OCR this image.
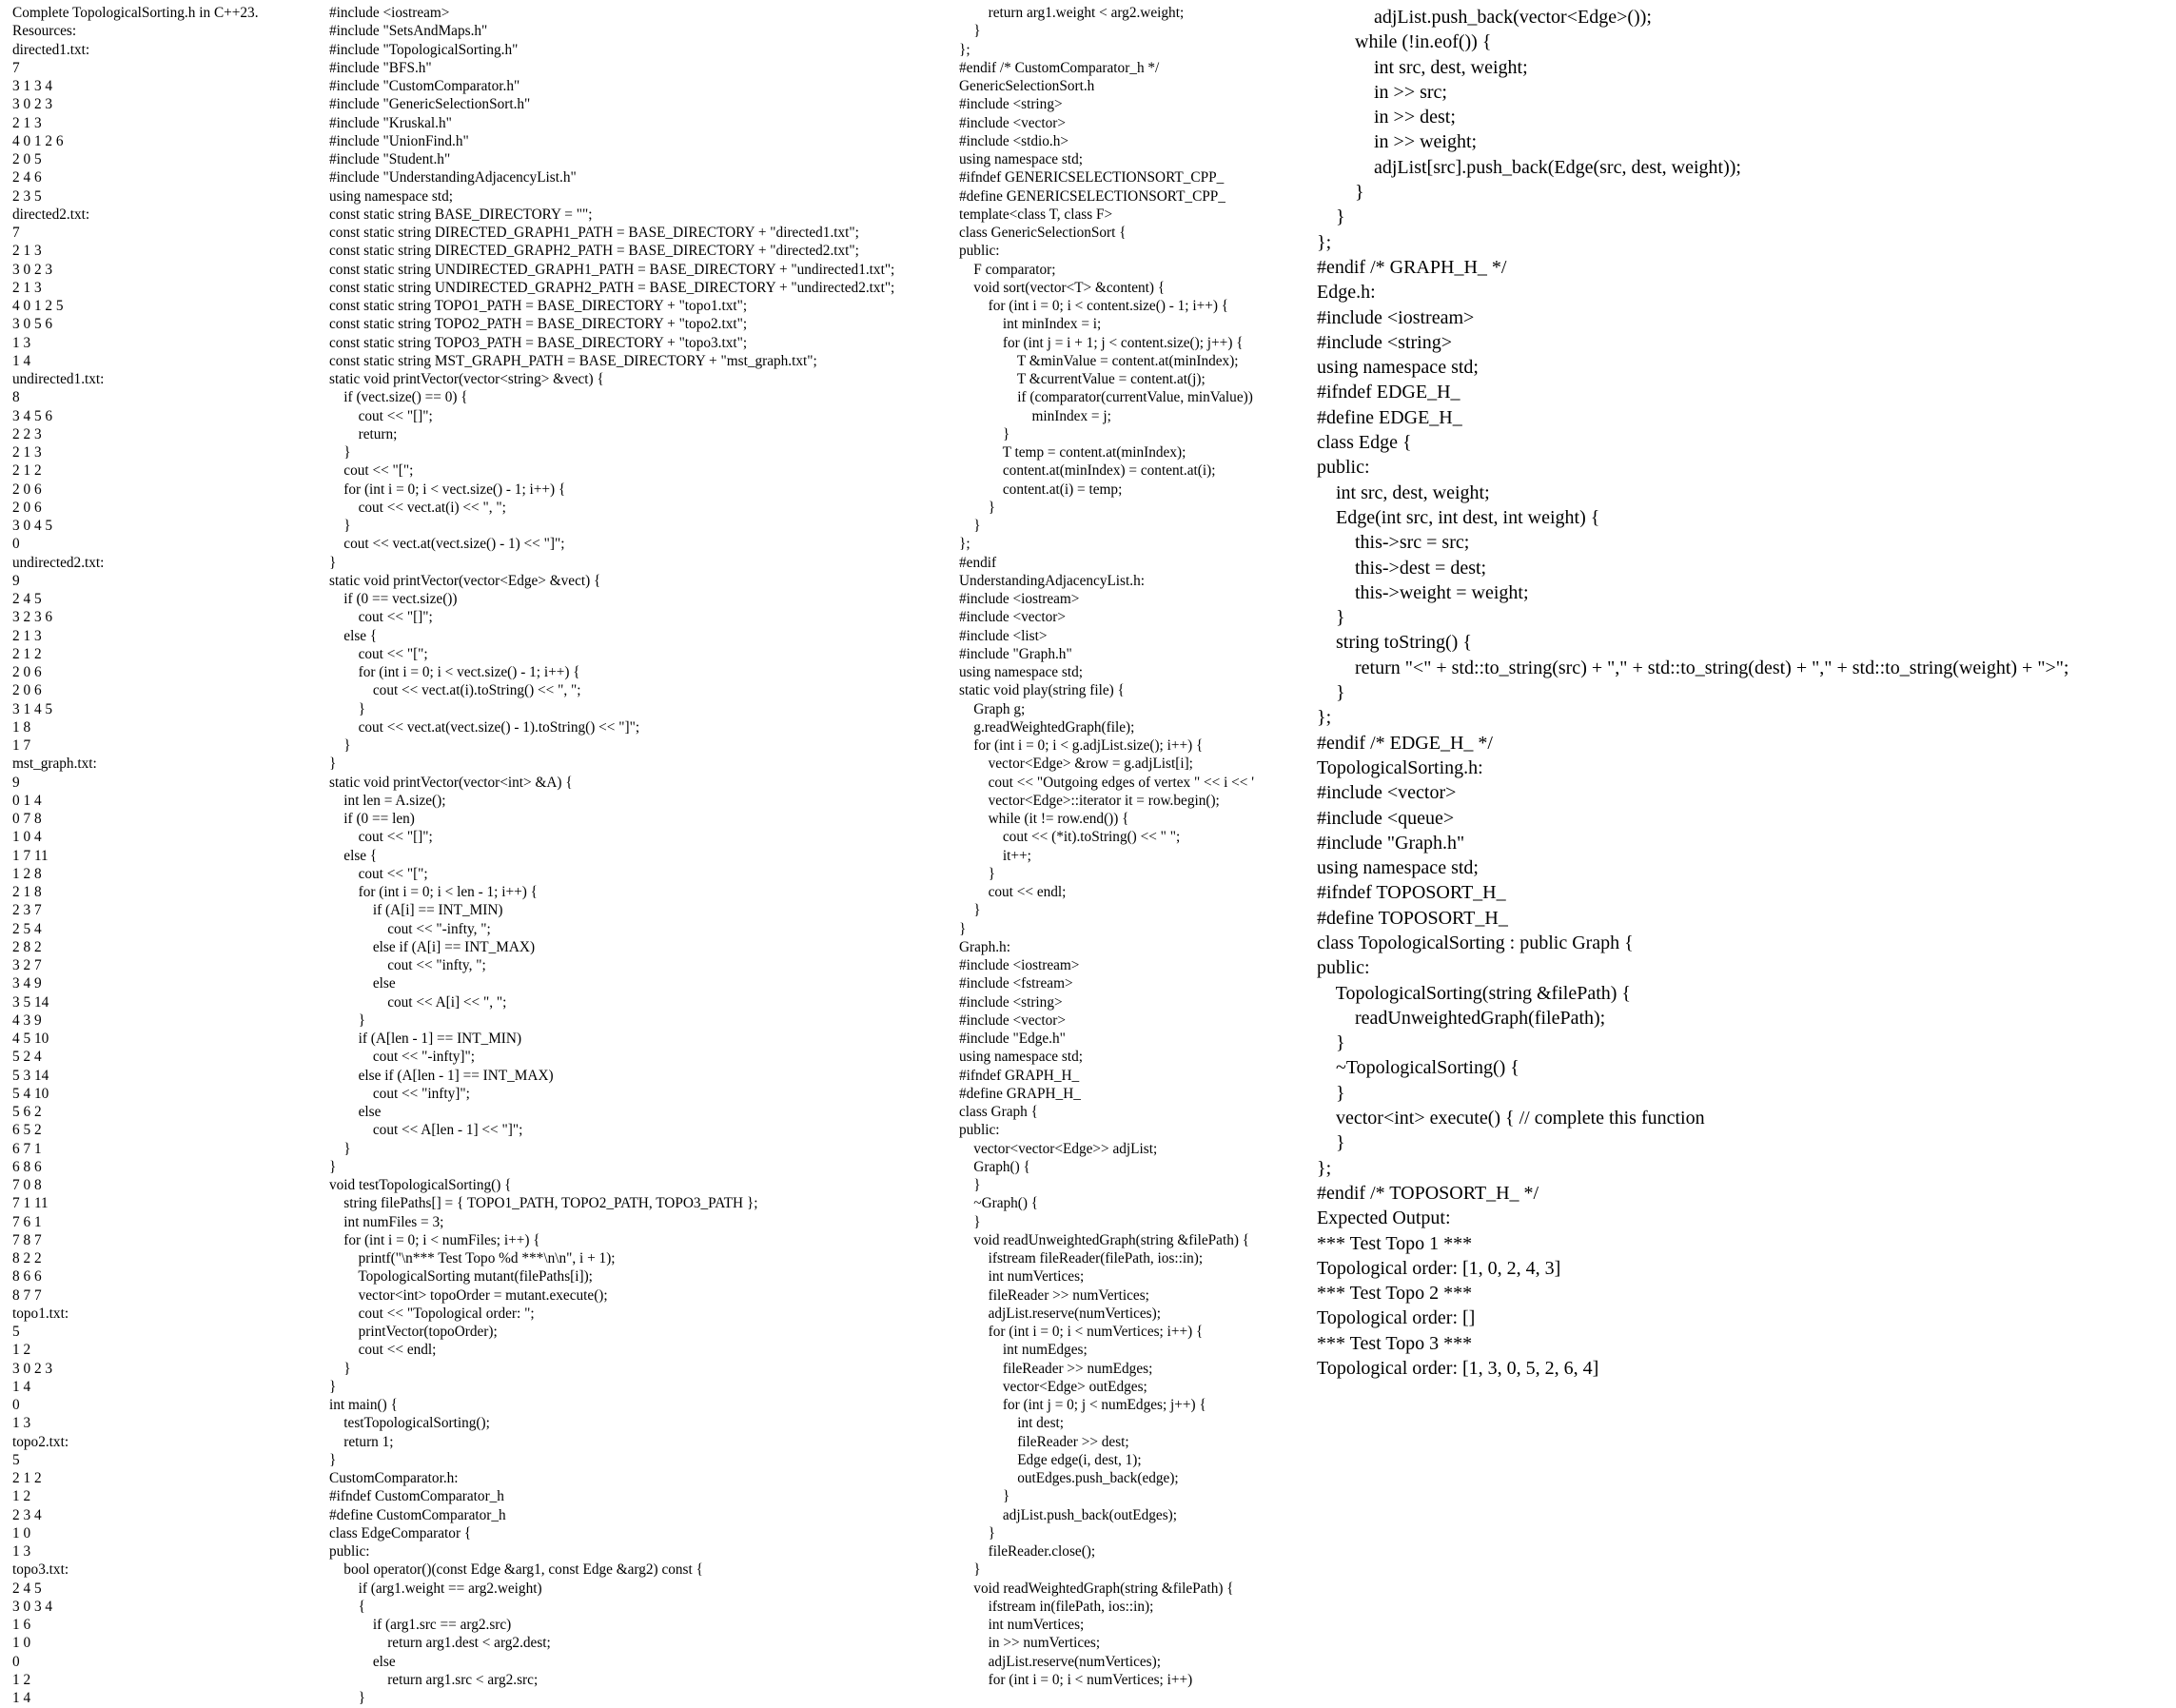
Complete TopologicalSorting.h in C++23.
Resources:
directed1.txt:
7
3 1 3 4
3 0 2 3
2 1 3
4 0 1 2 6
2 0 5
2 4 6
2 3 5
directed2.txt:
7
2 1 3
3 0 2 3
2 1 3
4 0 1 2 5
3 0 5 6
1 3
1 4
undirected1.txt:
8
3 4 5 6
2 2 3
2 1 3
2 1 2
2 0 6
2 0 6
3 0 4 5
0
undirected2.txt:
9
2 4 5
3 2 3 6
2 1 3
2 1 2
2 0 6
2 0 6
3 1 4 5
1 8
1 7
mst_graph.txt:
9
0 1 4
0 7 8
1 0 4
1 7 11
1 2 8
2 1 8
2 3 7
2 5 4
2 8 2
3 2 7
3 4 9
3 5 14
4 3 9
4 5 10
5 2 4
5 3 14
5 4 10
5 6 2
6 5 2
6 7 1
6 8 6
7 0 8
7 1 11
7 6 1
7 8 7
8 2 2
8 6 6
8 7 7
topo1.txt:
5
1 2
3 0 2 3
1 4
0
1 3
topo2.txt:
5
2 1 2
1 2
2 3 4
1 0
1 3
topo3.txt:
2 4 5
3 0 3 4
1 6
1 0
0
1 2
1 4
#include <iostream>
#include "SetsAndMaps.h"
#include "TopologicalSorting.h"
#include "BFS.h"
#include "CustomComparator.h"
#include "GenericSelectionSort.h"
#include "Kruskal.h"
#include "UnionFind.h"
#include "Student.h"
#include "UnderstandingAdjacencyList.h"
using namespace std;
const static string BASE_DIRECTORY = "";
const static string DIRECTED_GRAPH1_PATH = BASE_DIRECTORY + "directed1.txt";
const static string DIRECTED_GRAPH2_PATH = BASE_DIRECTORY + "directed2.txt";
const static string UNDIRECTED_GRAPH1_PATH = BASE_DIRECTORY + "undirected1.txt";
const static string UNDIRECTED_GRAPH2_PATH = BASE_DIRECTORY + "undirected2.txt";
const static string TOPO1_PATH = BASE_DIRECTORY + "topo1.txt";
const static string TOPO2_PATH = BASE_DIRECTORY + "topo2.txt";
const static string TOPO3_PATH = BASE_DIRECTORY + "topo3.txt";
const static string MST_GRAPH_PATH = BASE_DIRECTORY + "mst_graph.txt";
static void printVector(vector<string> &vect) {
if (vect.size() == 0) {
cout << "[]";
return;
}
cout << "[";
for (int i = 0; i < vect.size() - 1; i++) {
cout << vect.at(i) << ", ";
}
cout << vect.at(vect.size() - 1) << "]";
}
static void printVector(vector<Edge> &vect) {
if (0 == vect.size())
cout << "[]";
else {
cout << "[";
for (int i = 0; i < vect.size() - 1; i++) {
cout << vect.at(i).toString() << ", ";
}
cout << vect.at(vect.size() - 1).toString() << "]";
}
}
static void printVector(vector<int> &A) {
int len = A.size();
if (0 == len)
cout << "[]";
else {
cout << "[";
for (int i = 0; i < len - 1; i++) {
if (A[i] == INT_MIN)
cout << "-infty, ";
else if (A[i] == INT_MAX)
cout << "infty, ";
else
cout << A[i] << ", ";
}
if (A[len - 1] == INT_MIN)
cout << "-infty]";
else if (A[len - 1] == INT_MAX)
cout << "infty]";
else
cout << A[len - 1] << "]";
}
}
void testTopologicalSorting() {
string filePaths[] = { TOPO1_PATH, TOPO2_PATH, TOPO3_PATH };
int numFiles = 3;
for (int i = 0; i < numFiles; i++) {
printf("\n*** Test Topo %d ***\n\n", i + 1);
TopologicalSorting mutant(filePaths[i]);
vector<int> topoOrder = mutant.execute();
cout << "Topological order: ";
printVector(topoOrder);
cout << endl;
}
}
int main() {
testTopologicalSorting();
return 1;
}
CustomComparator.h:
#ifndef CustomComparator_h
#define CustomComparator_h
class EdgeComparator {
public:
bool operator()(const Edge &arg1, const Edge &arg2) const {
if (arg1.weight == arg2.weight)
{
if (arg1.src == arg2.src)
return arg1.dest < arg2.dest;
else
return arg1.src < arg2.src;
}
return arg1.weight < arg2.weight;
}
};
#endif /* CustomComparator_h */
GenericSelectionSort.h
#include <string>
#include <vector>
#include <stdio.h>
using namespace std;
#ifndef GENERICSELECTIONSORT_CPP_
#define GENERICSELECTIONSORT_CPP_
template<class T, class F>
class GenericSelectionSort {
public:
F comparator;
void sort(vector<T> &content) {
for (int i = 0; i < content.size() - 1; i++) {
int minIndex = i;
for (int j = i + 1; j < content.size(); j++) {
T &minValue = content.at(minIndex);
T &currentValue = content.at(j);
if (comparator(currentValue, minValue))
minIndex = j;
}
T temp = content.at(minIndex);
content.at(minIndex) = content.at(i);
content.at(i) = temp;
}
}
};
#endif
UnderstandingAdjacencyList.h:
#include <iostream>
#include <vector>
#include <list>
#include "Graph.h"
using namespace std;
static void play(string file) {
Graph g;
g.readWeightedGraph(file);
for (int i = 0; i < g.adjList.size(); i++) {
vector<Edge> &row = g.adjList[i];
cout << "Outgoing edges of vertex " << i << '
vector<Edge>::iterator it = row.begin();
while (it != row.end()) {
cout << (*it).toString() << " ";
it++;
}
cout << endl;
}
}
Graph.h:
#include <iostream>
#include <fstream>
#include <string>
#include <vector>
#include "Edge.h"
using namespace std;
#ifndef GRAPH_H_
#define GRAPH_H_
class Graph {
public:
vector<vector<Edge>> adjList;
Graph() {
}
~Graph() {
}
void readUnweightedGraph(string &filePath) {
ifstream fileReader(filePath, ios::in);
int numVertices;
fileReader >> numVertices;
adjList.reserve(numVertices);
for (int i = 0; i < numVertices; i++) {
int numEdges;
fileReader >> numEdges;
vector<Edge> outEdges;
for (int j = 0; j < numEdges; j++) {
int dest;
fileReader >> dest;
Edge edge(i, dest, 1);
outEdges.push_back(edge);
}
adjList.push_back(outEdges);
}
fileReader.close();
}
void readWeightedGraph(string &filePath) {
ifstream in(filePath, ios::in);
int numVertices;
in >> numVertices;
adjList.reserve(numVertices);
for (int i = 0; i < numVertices; i++)
adjList.push_back(vector<Edge>());
while (!in.eof()) {
int src, dest, weight;
in >> src;
in >> dest;
in >> weight;
adjList[src].push_back(Edge(src, dest, weight));
}
}
};
#endif /* GRAPH_H_ */
Edge.h:
#include <iostream>
#include <string>
using namespace std;
#ifndef EDGE_H_
#define EDGE_H_
class Edge {
public:
int src, dest, weight;
Edge(int src, int dest, int weight) {
this->src = src;
this->dest = dest;
this->weight = weight;
}
string toString() {
return "<" + std::to_string(src) + "," + std::to_string(dest) + "," + std::to_string(weight) + ">";
}
};
#endif /* EDGE_H_ */
TopologicalSorting.h:
#include <vector>
#include <queue>
#include "Graph.h"
using namespace std;
#ifndef TOPOSORT_H_
#define TOPOSORT_H_
class TopologicalSorting : public Graph {
public:
TopologicalSorting(string &filePath) {
readUnweightedGraph(filePath);
}
~TopologicalSorting() {
}
vector<int> execute() { // complete this function
}
};
#endif /* TOPOSORT_H_ */
Expected Output:
*** Test Topo 1 ***
Topological order: [1, 0, 2, 4, 3]
*** Test Topo 2 ***
Topological order: []
*** Test Topo 3 ***
Topological order: [1, 3, 0, 5, 2, 6, 4]
